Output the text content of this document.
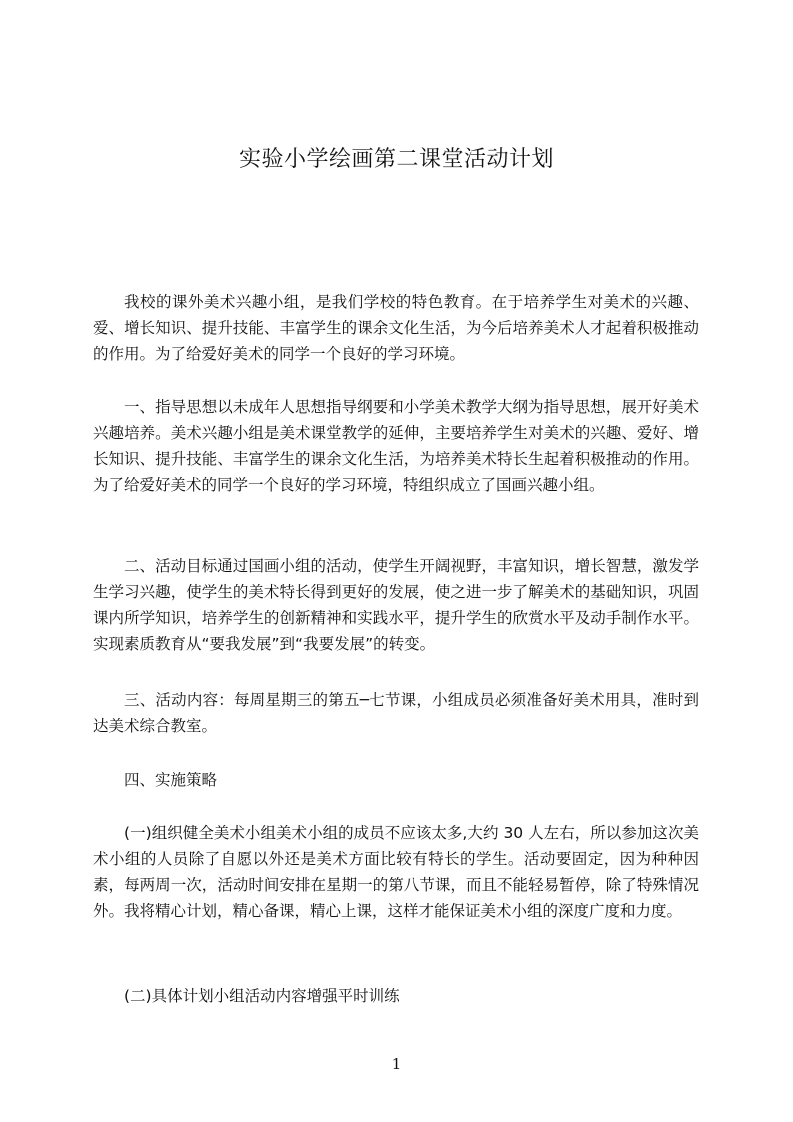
实验小学绘画第二课堂活动计划

我校的课外美术兴趣小组，是我们学校的特色教育。在于培养学生对美术的兴趣、爱、增长知识、提升技能、丰富学生的课余文化生活，为今后培养美术人才起着积极推动的作用。为了给爱好美术的同学一个良好的学习环境。

一、指导思想以未成年人思想指导纲要和小学美术教学大纲为指导思想，展开好美术兴趣培养。美术兴趣小组是美术课堂教学的延伸，主要培养学生对美术的兴趣、爱好、增长知识、提升技能、丰富学生的课余文化生活，为培养美术特长生起着积极推动的作用。为了给爱好美术的同学一个良好的学习环境，特组织成立了国画兴趣小组。

二、活动目标通过国画小组的活动，使学生开阔视野，丰富知识，增长智慧，激发学生学习兴趣，使学生的美术特长得到更好的发展，使之进一步了解美术的基础知识，巩固课内所学知识，培养学生的创新精神和实践水平，提升学生的欣赏水平及动手制作水平。实现素质教育从“要我发展”到“我要发展”的转变。

三、活动内容：每周星期三的第五─七节课，小组成员必须准备好美术用具，准时到达美术综合教室。

四、实施策略

(一)组织健全美术小组美术小组的成员不应该太多,大约 30 人左右，所以参加这次美术小组的人员除了自愿以外还是美术方面比较有特长的学生。活动要固定，因为种种因素，每两周一次，活动时间安排在星期一的第八节课，而且不能轻易暂停，除了特殊情况外。我将精心计划，精心备课，精心上课，这样才能保证美术小组的深度广度和力度。

(二)具体计划小组活动内容增强平时训练

1
